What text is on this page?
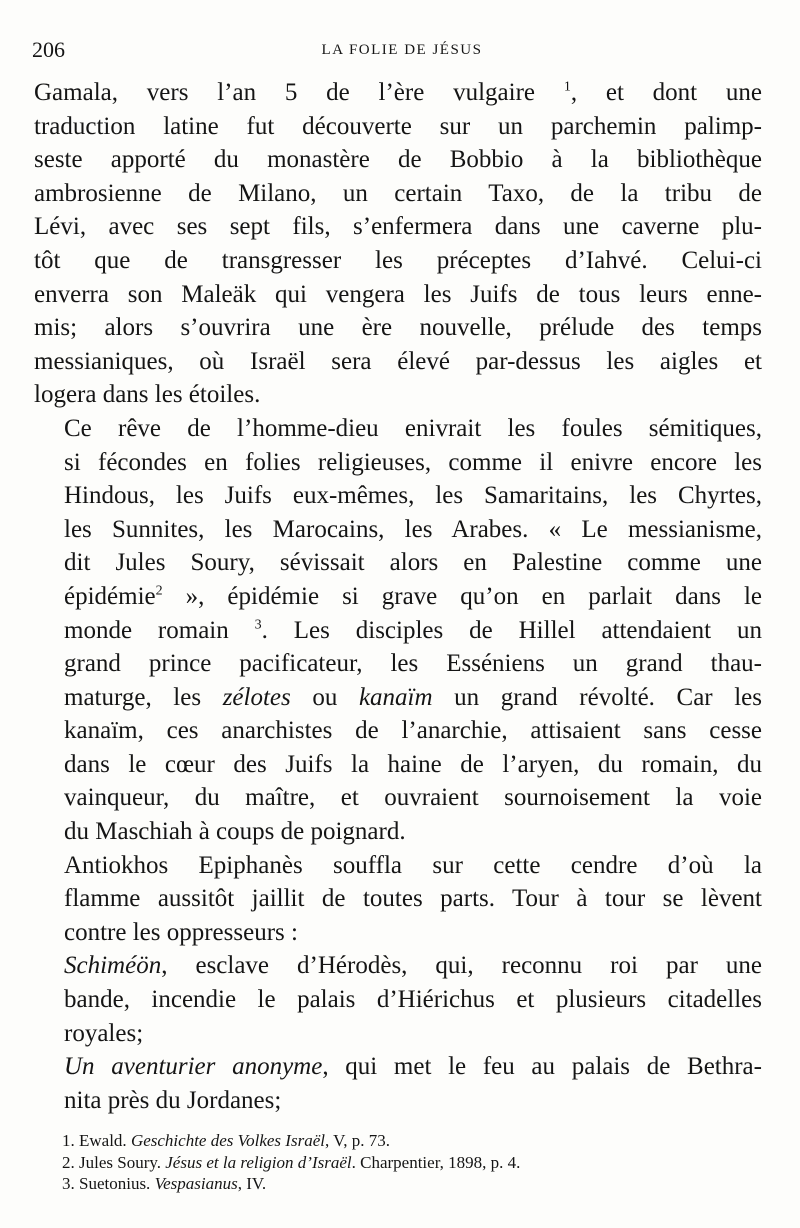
206	LA FOLIE DE JÉSUS
Gamala, vers l’an 5 de l’ère vulgaire $^1$, et dont une
traduction latine fut découverte sur un parchemin palimp-
seste apporté du monastère de Bobbio à la bibliothèque
ambrosienne de Milano, un certain Taxo, de la tribu de
Lévi, avec ses sept fils, s’enfermera dans une caverne plu-
tôt que de transgresser les préceptes d’Iahvé. Celui-ci
enverra son Maleäk qui vengera les Juifs de tous leurs enne-
mis; alors s’ouvrira une ère nouvelle, prélude des temps
messianiques, où Israël sera élevé par-dessus les aigles et
logera dans les étoiles.
Ce rêve de l’homme-dieu enivrait les foules sémitiques,
si fécondes en folies religieuses, comme il enivre encore les
Hindous, les Juifs eux-mêmes, les Samaritains, les Chyrtes,
les Sunnites, les Marocains, les Arabes. « Le messianisme,
dit Jules Soury, sévissait alors en Palestine comme une
épidémie$^2$ », épidémie si grave qu’on en parlait dans le
monde romain $^3$. Les disciples de Hillel attendaient un
grand prince pacificateur, les Esséniens un grand thau-
maturge, les zélotes ou kanaïm un grand révolté. Car les
kanaïm, ces anarchistes de l’anarchie, attisaient sans cesse
dans le cœur des Juifs la haine de l’aryen, du romain, du
vainqueur, du maître, et ouvraient sournoisement la voie
du Maschiah à coups de poignard.
Antiokhos Epiphanès souffla sur cette cendre d’où la
flamme aussitôt jaillit de toutes parts. Tour à tour se lèvent
contre les oppresseurs :
Schiméön, esclave d’Hérodès, qui, reconnu roi par une
bande, incendie le palais d’Hiérichus et plusieurs citadelles
royales;
Un aventurier anonyme, qui met le feu au palais de Bethra-
nita près du Jordanes;
1. Ewald. Geschichte des Volkes Israël, V, p. 73.
2. Jules Soury. Jésus et la religion d’Israël. Charpentier, 1898, p. 4.
3. Suetonius. Vespasianus, IV.
